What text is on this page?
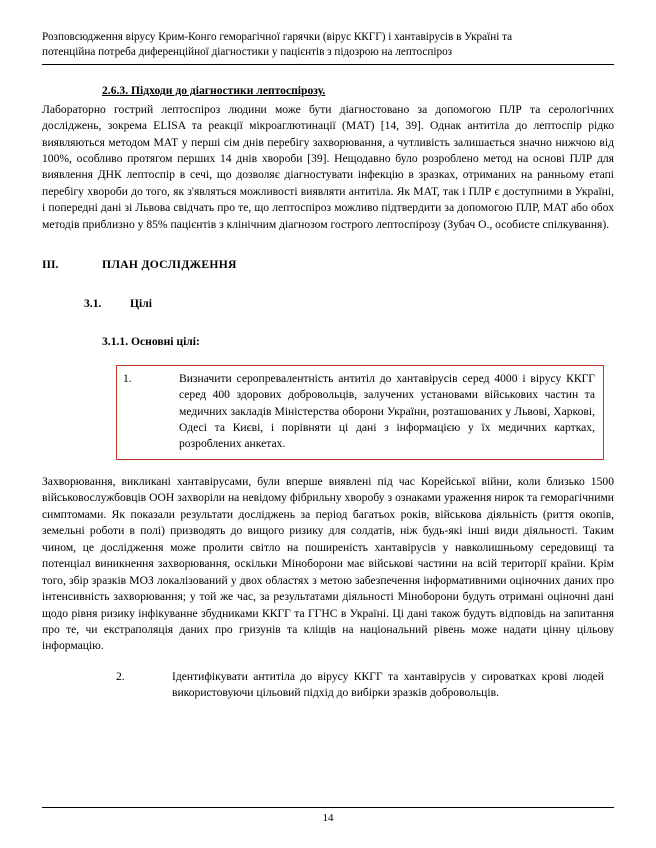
Розповсюдження вірусу Крим-Конго геморагічної гарячки (вірус ККГГ) і хантавірусів в Україні та

потенційна потреба диференційної діагностики у пацієнтів з підозрою на лептоспіроз

2.6.3. Підходи до діагностики лептоспірозу.
Лабораторно гострий лептоспіроз людини може бути діагностовано за допомогою ПЛР та серологічних досліджень, зокрема ELISA та реакції мікроаглютинації (МАТ) [14, 39]. Однак антитіла до лептоспір рідко виявляються методом МАТ у перші сім днів перебігу захворювання, а чутливість залишається значно нижчою від 100%, особливо протягом перших 14 днів хвороби [39]. Нещодавно було розроблено метод на основі ПЛР для виявлення ДНК лептоспір в сечі, що дозволяє діагностувати інфекцію в зразках, отриманих на ранньому етапі перебігу хвороби до того, як з'являться можливості виявляти антитіла. Як МАТ, так і ПЛР є доступними в Україні, і попередні дані зі Львова свідчать про те, що лептоспіроз можливо підтвердити за допомогою ПЛР, МАТ або обох методів приблизно у 85% пацієнтів з клінічним діагнозом гострого лептоспірозу (Зубач О., особисте спілкування).
III.	ПЛАН ДОСЛІДЖЕННЯ
3.1.	Цілі
3.1.1. Основні цілі:
1.	Визначити серопревалентність антитіл до хантавірусів серед 4000 і вірусу ККГГ серед 400 здорових добровольців, залучених установами військових частин та медичних закладів Міністерства оборони України, розташованих у Львові, Харкові, Одесі та Києві, і порівняти ці дані з інформацією у їх медичних картках, розроблених анкетах.
Захворювання, викликані хантавірусами, були вперше виявлені під час Корейської війни, коли близько 1500 військовослужбовців ООН захворіли на невідому фібрильну хворобу з ознаками ураження нирок та геморагічними симптомами. Як показали результати досліджень за період багатьох років, військова діяльність (риття окопів, земельні роботи в полі) призводять до вищого ризику для солдатів, ніж будь-які інші види діяльності. Таким чином, це дослідження може пролити світло на поширеність хантавірусів у навколишньому середовищі та потенціал виникнення захворювання, оскільки Міноборони має військові частини на всій території країни. Крім того, збір зразків МОЗ локалізований у двох областях з метою забезпечення інформативними оціночних даних про інтенсивність захворювання; у той же час, за результатами діяльності Міноборони будуть отримані оціночні дані щодо рівня ризику інфікуванне збудниками ККГГ та ГГНС в Україні. Ці дані також будуть відповідь на запитання про те, чи екстраполяція даних про гризунів та кліщів на національний рівень може надати цінну цільову інформацію.
2.	Ідентифікувати антитіла до вірусу ККГГ та хантавірусів у сироватках крові людей використовуючи цільовий підхід до вибірки зразків добровольців.
14
